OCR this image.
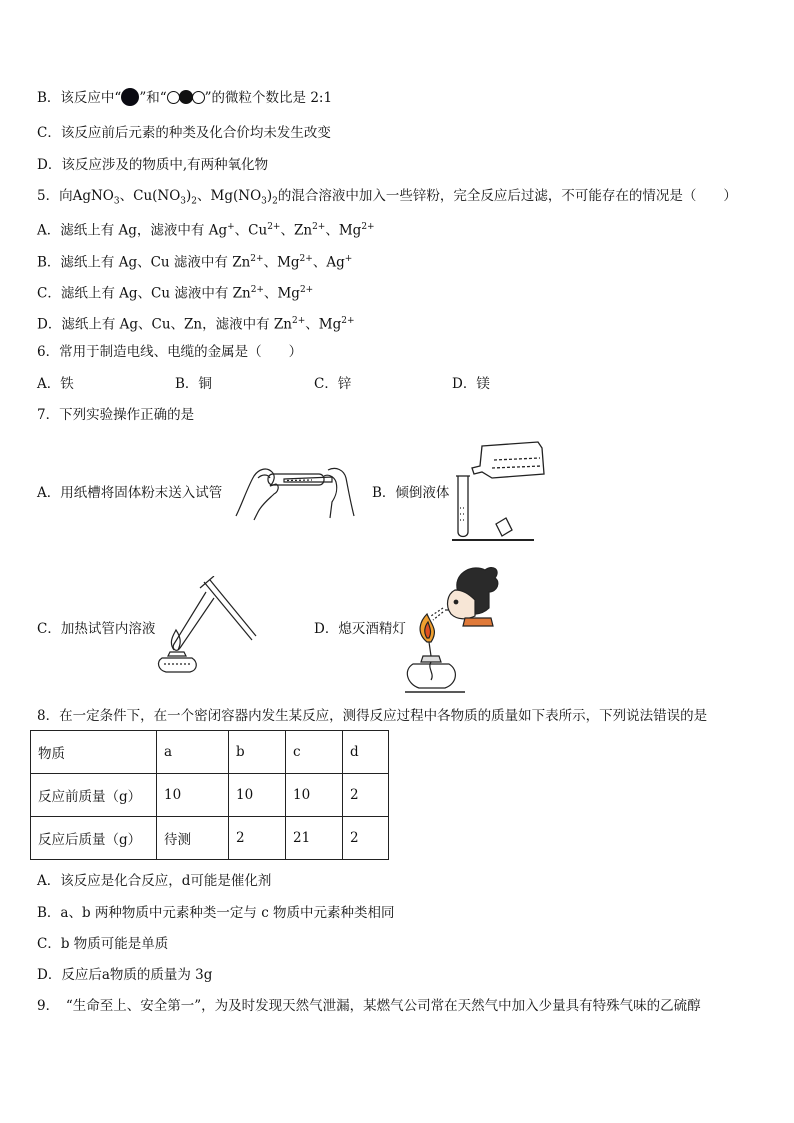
B．该反应中“ ”和“	”的微粒个数比是 2:1
C．该反应前后元素的种类及化合价均未发生改变
D．该反应涉及的物质中,有两种氧化物
5．向AgNO$_3$、$Cu(NO_3)_2$、$Mg(NO_3)_2$的混合溶液中加入一些锌粉，完全反应后过滤，不可能存在的情况是（　　）
A．滤纸上有 Ag，滤液中有 Ag+、$Cu^{2+}$、$Zn^{2+}$、$Mg^{2+}$
B．滤纸上有 Ag、Cu 滤液中有 $Zn^{2+}$、$Mg^{2+}$、Ag+
C．滤纸上有 Ag、Cu 滤液中有 $Zn^{2+}$、$Mg^{2+}$
D．滤纸上有 Ag、Cu、Zn，滤液中有 $Zn^{2+}$、$Mg^{2+}$
6．常用于制造电线、电缆的金属是（　　）
A．铁	B．铜	C．锌	D．镁
7．下列实验操作正确的是
A．用纸槽将固体粉末送入试管	B．倾倒液体
C．加热试管内溶液	D．熄灭酒精灯
8．在一定条件下，在一个密闭容器内发生某反应，测得反应过程中各物质的质量如下表所示，下列说法错误的是
物质	a	b	c	d
反应前质量（g）	10	10	10	2
反应后质量（g）	待测	2	21	2
A．该反应是化合反应，d可能是催化剂
B．a、b 两种物质中元素种类一定与 c 物质中元素种类相同
C．b 物质可能是单质
D．反应后a物质的质量为 3g
9．　“生命至上、安全第一”，为及时发现天然气泄漏，某燃气公司常在天然气中加入少量具有特殊气味的乙硫醇
